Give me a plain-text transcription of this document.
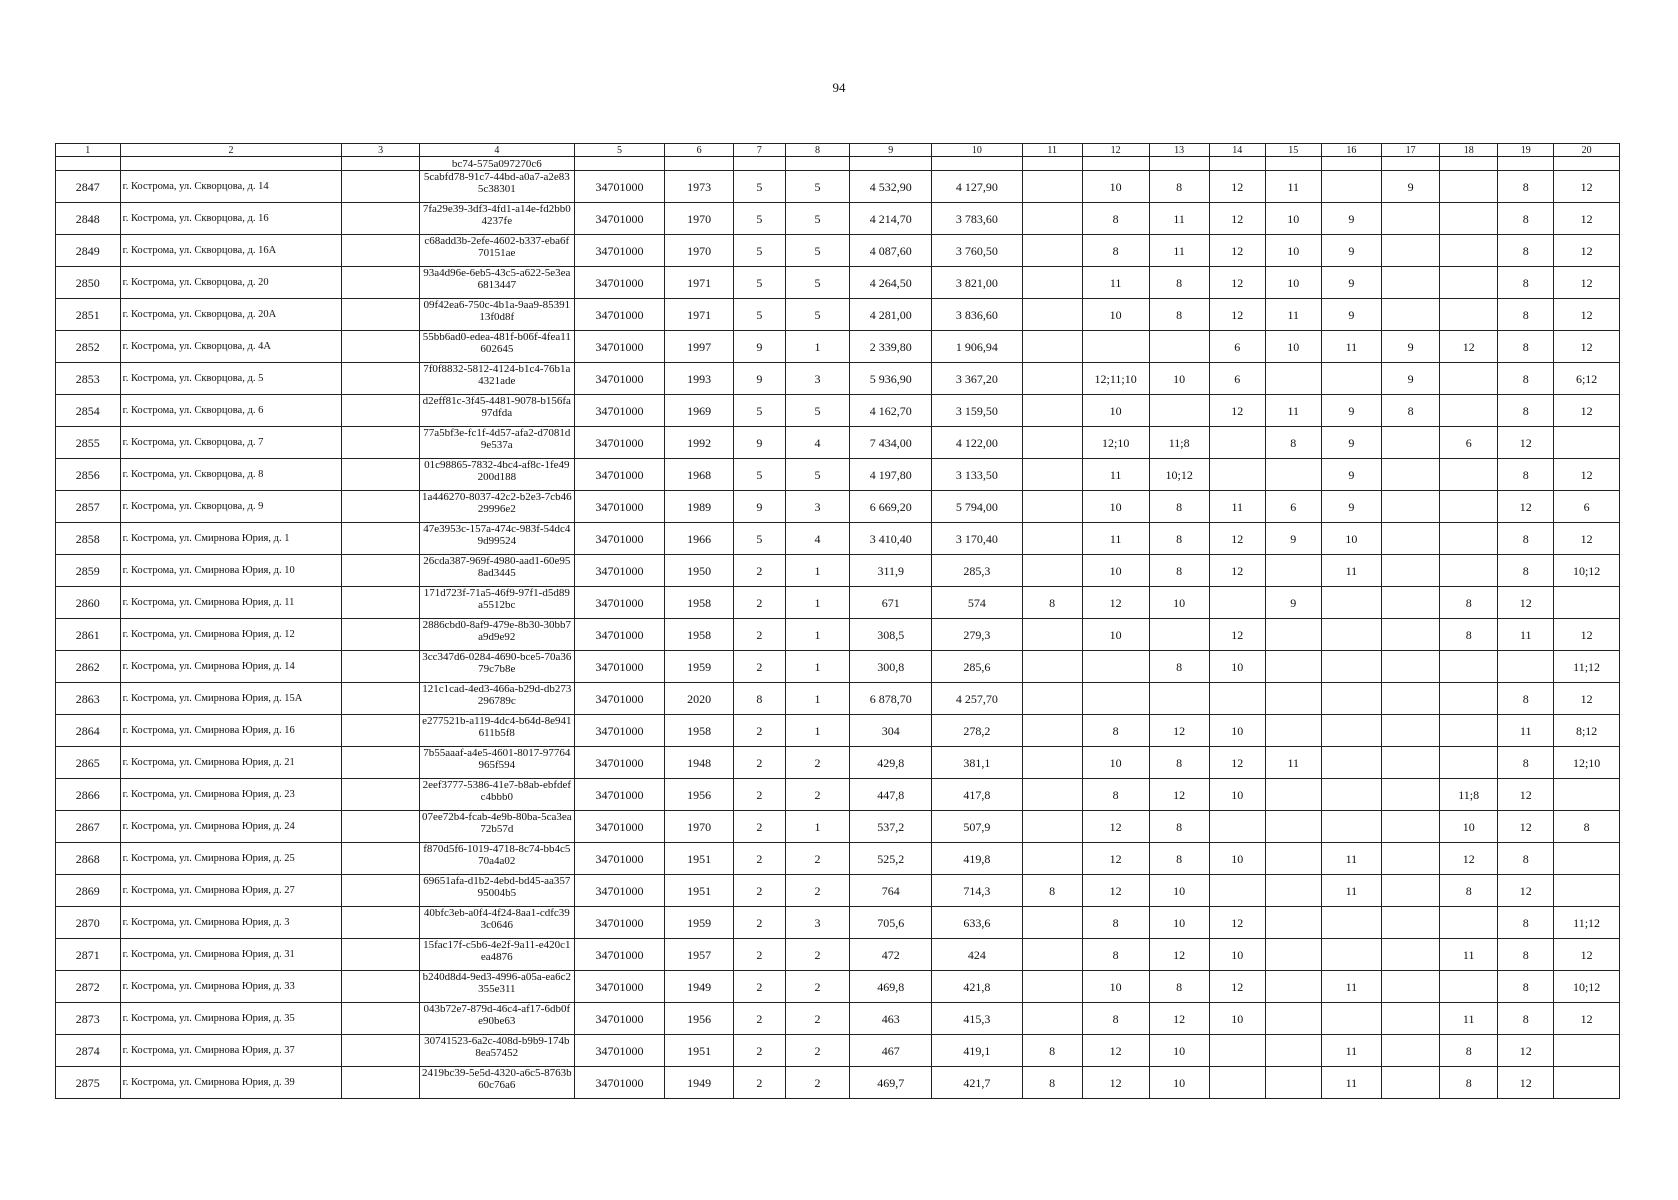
94
1	2	3	4	5	6	7	8	9	10	11	12	13	14	15	16	17	18	19	20
			bc74-575a097270c6																
2847	г. Кострома, ул. Скворцова, д. 14		5cabfd78-91c7-44bd-a0a7-a2e835c38301	34701000	1973	5	5	4 532,90	4 127,90		10	8	12	11		9		8	12
2848	г. Кострома, ул. Скворцова, д. 16		7fa29e39-3df3-4fd1-a14e-fd2bb04237fe	34701000	1970	5	5	4 214,70	3 783,60		8	11	12	10	9			8	12
2849	г. Кострома, ул. Скворцова, д. 16А		c68add3b-2efe-4602-b337-eba6f70151ae	34701000	1970	5	5	4 087,60	3 760,50		8	11	12	10	9			8	12
2850	г. Кострома, ул. Скворцова, д. 20		93a4d96e-6eb5-43c5-a622-5e3ea6813447	34701000	1971	5	5	4 264,50	3 821,00		11	8	12	10	9			8	12
2851	г. Кострома, ул. Скворцова, д. 20А		09f42ea6-750c-4b1a-9aa9-8539113f0d8f	34701000	1971	5	5	4 281,00	3 836,60		10	8	12	11	9			8	12
2852	г. Кострома, ул. Скворцова, д. 4А		55bb6ad0-edea-481f-b06f-4fea11602645	34701000	1997	9	1	2 339,80	1 906,94				6	10	11	9	12	8	12
2853	г. Кострома, ул. Скворцова, д. 5		7f0f8832-5812-4124-b1c4-76b1a4321ade	34701000	1993	9	3	5 936,90	3 367,20		12;11;10	10	6			9		8	6;12
2854	г. Кострома, ул. Скворцова, д. 6		d2eff81c-3f45-4481-9078-b156fa97dfda	34701000	1969	5	5	4 162,70	3 159,50		10		12	11	9	8		8	12
2855	г. Кострома, ул. Скворцова, д. 7		77a5bf3e-fc1f-4d57-afa2-d7081d9e537a	34701000	1992	9	4	7 434,00	4 122,00		12;10	11;8		8	9		6	12	
2856	г. Кострома, ул. Скворцова, д. 8		01c98865-7832-4bc4-af8c-1fe49200d188	34701000	1968	5	5	4 197,80	3 133,50		11	10;12			9			8	12
2857	г. Кострома, ул. Скворцова, д. 9		1a446270-8037-42c2-b2e3-7cb4629996e2	34701000	1989	9	3	6 669,20	5 794,00		10	8	11	6	9			12	6
2858	г. Кострома, ул. Смирнова Юрия, д. 1		47e3953c-157a-474c-983f-54dc49d99524	34701000	1966	5	4	3 410,40	3 170,40		11	8	12	9	10			8	12
2859	г. Кострома, ул. Смирнова Юрия, д. 10		26cda387-969f-4980-aad1-60e958ad3445	34701000	1950	2	1	311,9	285,3		10	8	12		11			8	10;12
2860	г. Кострома, ул. Смирнова Юрия, д. 11		171d723f-71a5-46f9-97f1-d5d89a5512bc	34701000	1958	2	1	671	574	8	12	10		9			8	12	
2861	г. Кострома, ул. Смирнова Юрия, д. 12		2886cbd0-8af9-479e-8b30-30bb7a9d9e92	34701000	1958	2	1	308,5	279,3		10		12				8	11	12
2862	г. Кострома, ул. Смирнова Юрия, д. 14		3cc347d6-0284-4690-bce5-70a3679c7b8e	34701000	1959	2	1	300,8	285,6			8	10						11;12
2863	г. Кострома, ул. Смирнова Юрия, д. 15А		121c1cad-4ed3-466a-b29d-db273296789c	34701000	2020	8	1	6 878,70	4 257,70									8	12
2864	г. Кострома, ул. Смирнова Юрия, д. 16		e277521b-a119-4dc4-b64d-8e941611b5f8	34701000	1958	2	1	304	278,2		8	12	10					11	8;12
2865	г. Кострома, ул. Смирнова Юрия, д. 21		7b55aaaf-a4e5-4601-8017-97764965f594	34701000	1948	2	2	429,8	381,1		10	8	12	11				8	12;10
2866	г. Кострома, ул. Смирнова Юрия, д. 23		2eef3777-5386-41e7-b8ab-ebfdefc4bbb0	34701000	1956	2	2	447,8	417,8		8	12	10				11;8	12	
2867	г. Кострома, ул. Смирнова Юрия, д. 24		07ee72b4-fcab-4e9b-80ba-5ca3ea72b57d	34701000	1970	2	1	537,2	507,9		12	8					10	12	8
2868	г. Кострома, ул. Смирнова Юрия, д. 25		f870d5f6-1019-4718-8c74-bb4c570a4a02	34701000	1951	2	2	525,2	419,8		12	8	10		11		12	8	
2869	г. Кострома, ул. Смирнова Юрия, д. 27		69651afa-d1b2-4ebd-bd45-aa35795004b5	34701000	1951	2	2	764	714,3	8	12	10			11		8	12	
2870	г. Кострома, ул. Смирнова Юрия, д. 3		40bfc3eb-a0f4-4f24-8aa1-cdfc393c0646	34701000	1959	2	3	705,6	633,6		8	10	12					8	11;12
2871	г. Кострома, ул. Смирнова Юрия, д. 31		15fac17f-c5b6-4e2f-9a11-e420c1ea4876	34701000	1957	2	2	472	424		8	12	10				11	8	12
2872	г. Кострома, ул. Смирнова Юрия, д. 33		b240d8d4-9ed3-4996-a05a-ea6c2355e311	34701000	1949	2	2	469,8	421,8		10	8	12		11			8	10;12
2873	г. Кострома, ул. Смирнова Юрия, д. 35		043b72e7-879d-46c4-af17-6db0fe90be63	34701000	1956	2	2	463	415,3		8	12	10				11	8	12
2874	г. Кострома, ул. Смирнова Юрия, д. 37		30741523-6a2c-408d-b9b9-174b8ea57452	34701000	1951	2	2	467	419,1	8	12	10			11		8	12	
2875	г. Кострома, ул. Смирнова Юрия, д. 39		2419bc39-5e5d-4320-a6c5-8763b60c76a6	34701000	1949	2	2	469,7	421,7	8	12	10			11		8	12	
